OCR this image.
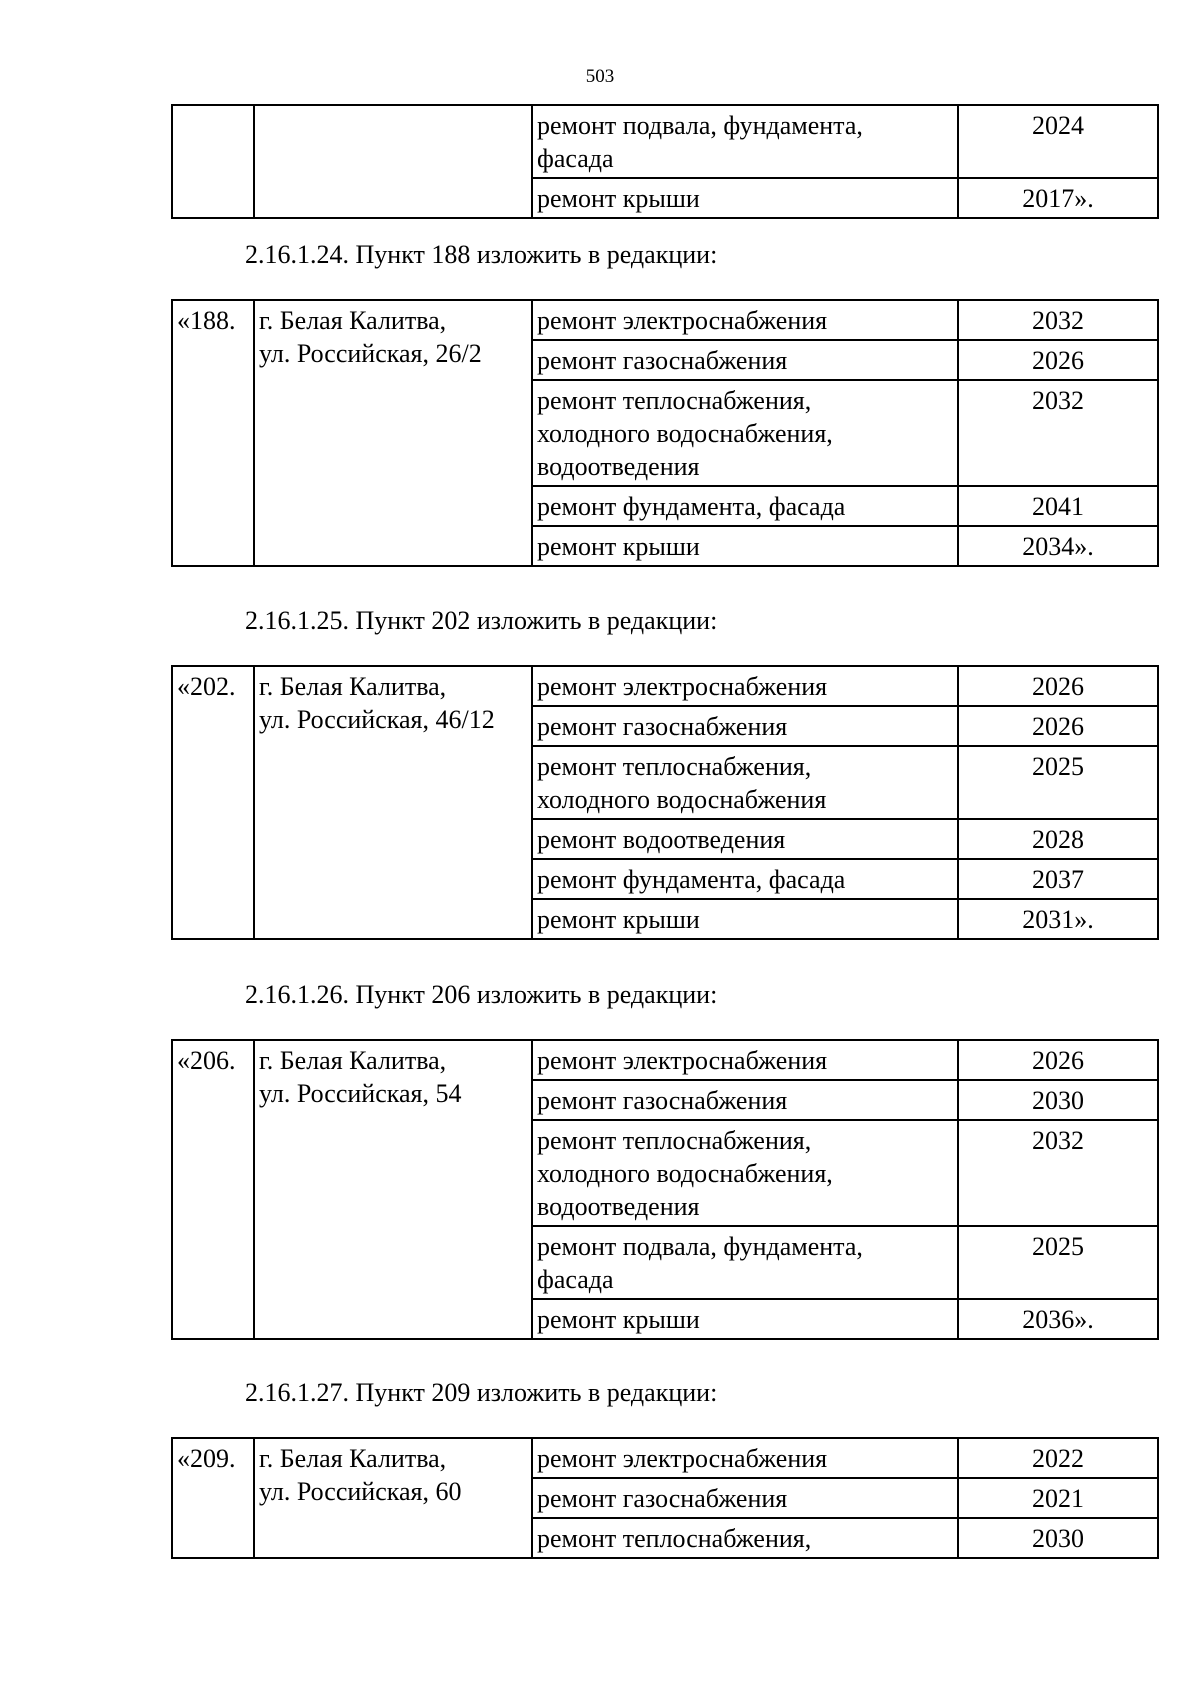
503
		ремонт подвала, фундамента,
фасада	2024
		ремонт крыши	2017».
2.16.1.24. Пункт 188 изложить в редакции:
«188.	г. Белая Калитва,
ул. Российская, 26/2	ремонт электроснабжения	2032
		ремонт газоснабжения	2026
		ремонт теплоснабжения,
холодного водоснабжения,
водоотведения	2032
		ремонт фундамента, фасада	2041
		ремонт крыши	2034».
2.16.1.25. Пункт 202 изложить в редакции:
«202.	г. Белая Калитва,
ул. Российская, 46/12	ремонт электроснабжения	2026
		ремонт газоснабжения	2026
		ремонт теплоснабжения,
холодного водоснабжения	2025
		ремонт водоотведения	2028
		ремонт фундамента, фасада	2037
		ремонт крыши	2031».
2.16.1.26. Пункт 206 изложить в редакции:
«206.	г. Белая Калитва,
ул. Российская, 54	ремонт электроснабжения	2026
		ремонт газоснабжения	2030
		ремонт теплоснабжения,
холодного водоснабжения,
водоотведения	2032
		ремонт подвала, фундамента,
фасада	2025
		ремонт крыши	2036».
2.16.1.27. Пункт 209 изложить в редакции:
«209.	г. Белая Калитва,
ул. Российская, 60	ремонт электроснабжения	2022
		ремонт газоснабжения	2021
		ремонт теплоснабжения,	2030
